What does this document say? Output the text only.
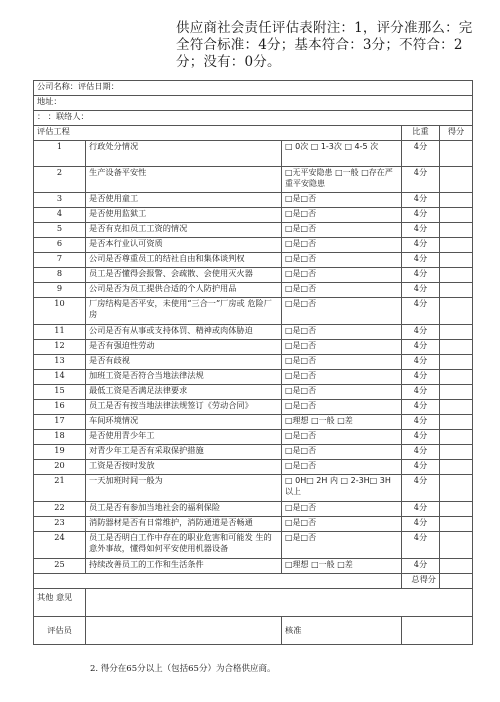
供应商社会责任评估表附注：1，评分准那么：完全符合标准：4分；基本符合：3分；不符合：2分；没有：0分。
公司名称：评估日期：				
地址：				
： ：联络人：				
评估工程			比重	得分
1	行政处分情况	□ 0次 □ 1-3次 □ 4-5 次	4分	
2	生产设备平安性	□无平安隐患 □一般 □存在严重平安隐患	4分	
3	是否使用童工	□是□否	4分	
4	是否使用监狱工	□是□否	4分	
5	是否有克扣员工工资的情况	□是□否	4分	
6	是否本行业认可资质	□是□否	4分	
7	公司是否尊重员工的结社自由和集体谈判权	□是□否	4分	
8	员工是否懂得会报警、会疏散、会使用灭火器	□是□否	4分	
9	公司是否为员工提供合适的个人防护用品	□是□否	4分	
10	厂房结构是否平安，未使用“三合一”厂房或 危险厂房	□是□否	4分	
11	公司是否有从事或支持体罚、精神或肉体胁迫	□是□否	4分	
12	是否有强迫性劳动	□是□否	4分	
13	是否有歧视	□是□否	4分	
14	加班工资是否符合当地法律法规	□是□否	4分	
15	最低工资是否满足法律要求	□是□否	4分	
16	员工是否有按当地法律法规签订《劳动合同》	□是□否	4分	
17	车间环境情况	□理想 □一般 □差	4分	
18	是否使用青少年工	□是□否	4分	
19	对青少年工是否有采取保护措施	□是□否	4分	
20	工资是否按时发放	□是□否	4分	
21	一天加班时间一般为	□ 0H□ 2H 内 □ 2-3H□ 3H 以上	4分	
22	员工是否有参加当地社会的福利保险	□是□否	4分	
23	消防器材是否有日常维护，消防通道是否畅通	□是□否	4分	
24	员工是否明白工作中存在的职业危害和可能发 生的意外事故，懂得如何平安使用机器设备	□是□否	4分	
25	持续改善员工的工作和生活条件	□理想 □一般 □差	4分	
			总得分	
其他 意见				
评估员		核准		
2. 得分在65分以上（包括65分）为合格供应商。
